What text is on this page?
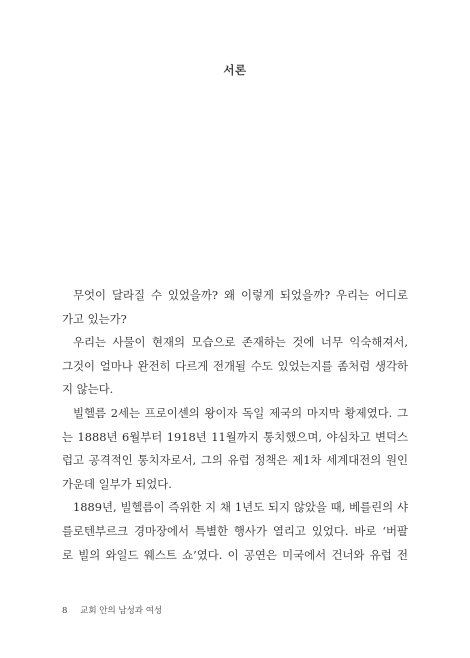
서론
무엇이 달라질 수 있었을까? 왜 이렇게 되었을까? 우리는 어디로
가고 있는가?
우리는 사물이 현재의 모습으로 존재하는 것에 너무 익숙해져서,
그것이 얼마나 완전히 다르게 전개될 수도 있었는지를 좀처럼 생각하
지 않는다.
빌헬름 2세는 프로이센의 왕이자 독일 제국의 마지막 황제였다. 그
는 1888년 6월부터 1918년 11월까지 통치했으며, 야심차고 변덕스
럽고 공격적인 통치자로서, 그의 유럽 정책은 제1차 세계대전의 원인
가운데 일부가 되었다.
1889년, 빌헬름이 즉위한 지 채 1년도 되지 않았을 때, 베를린의 샤
를로텐부르크 경마장에서 특별한 행사가 열리고 있었다. 바로 ‘버팔
로 빌의 와일드 웨스트 쇼’였다. 이 공연은 미국에서 건너와 유럽 전
8 교회 안의 남성과 여성
